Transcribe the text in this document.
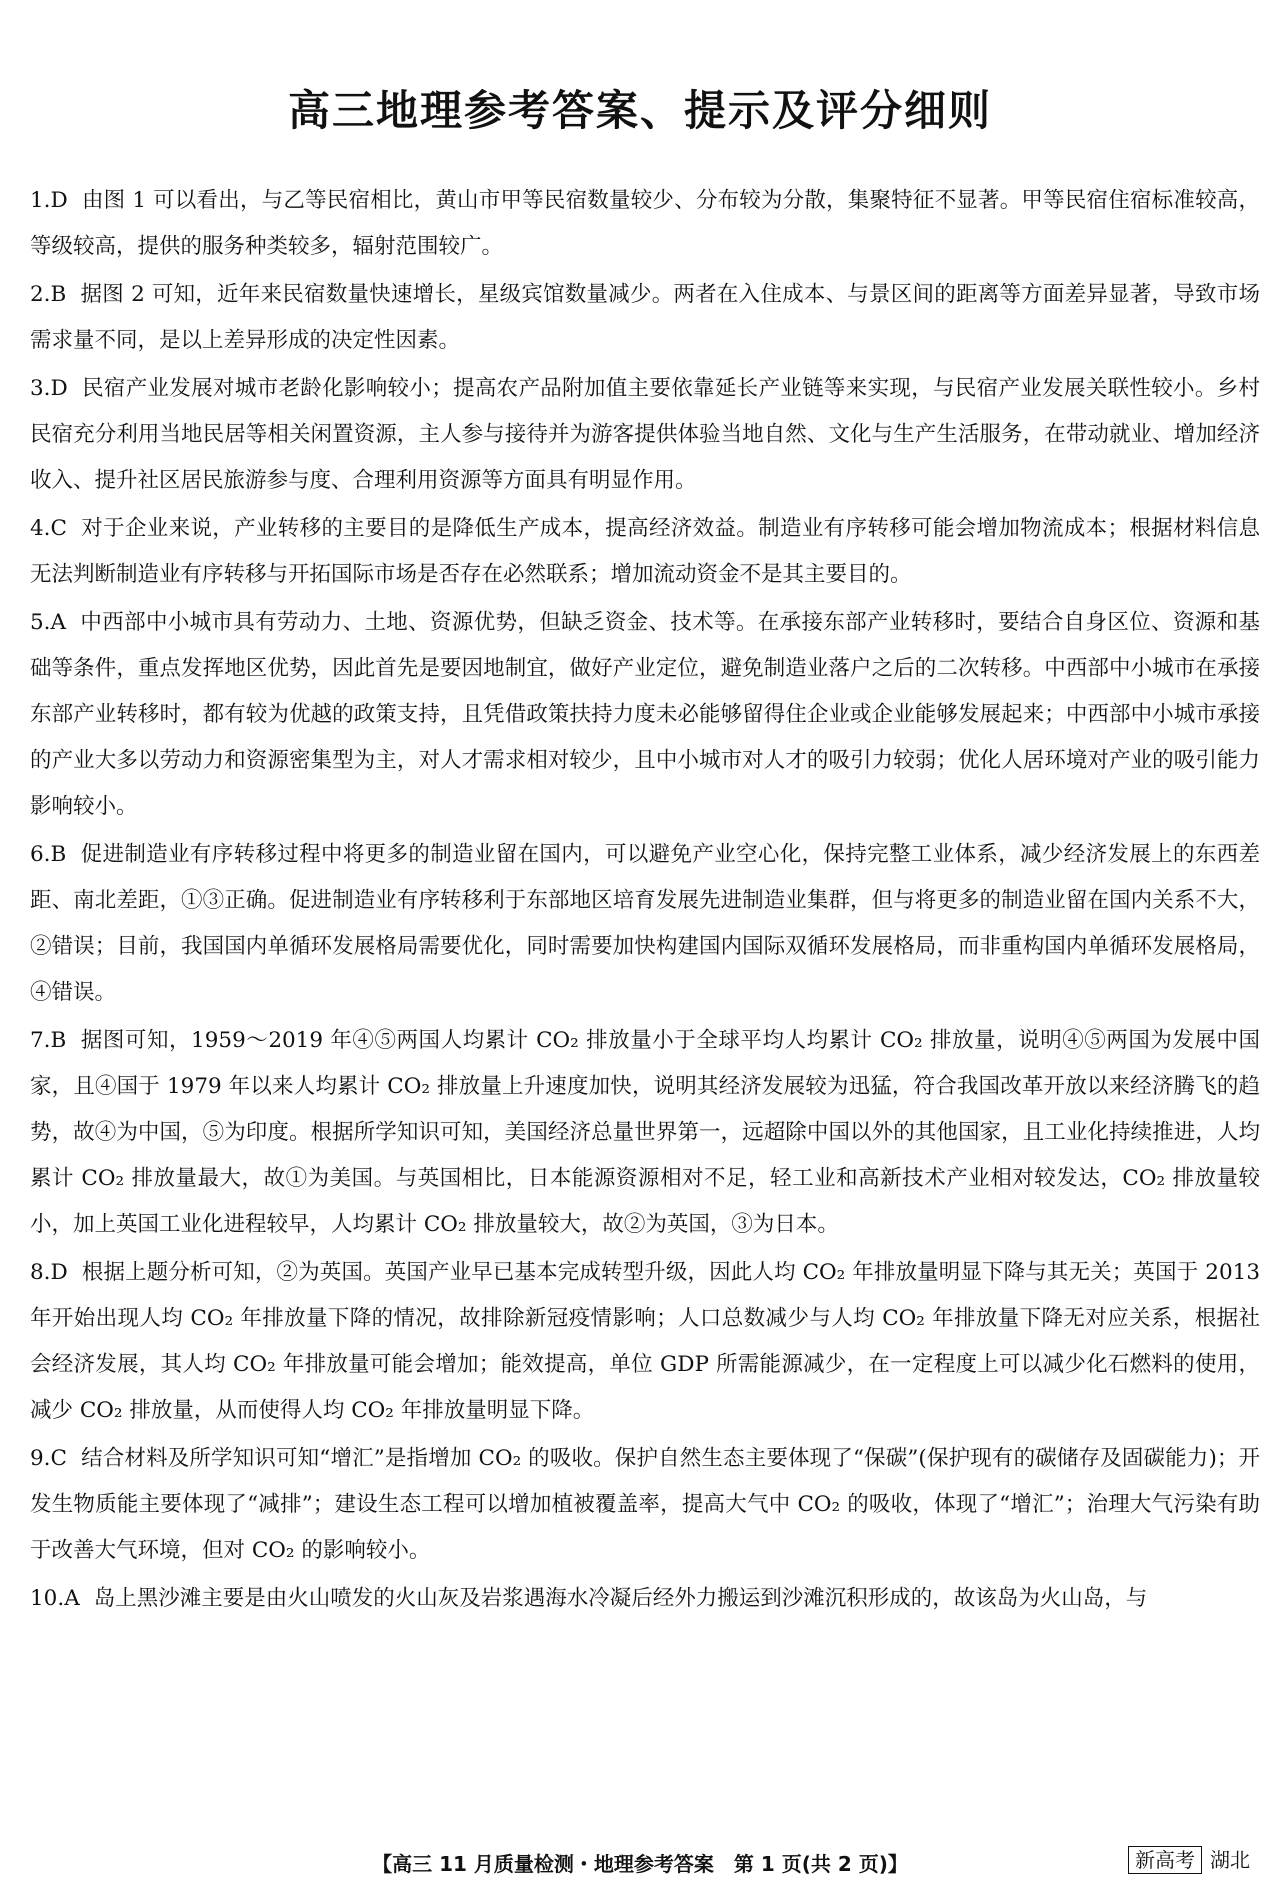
高三地理参考答案、提示及评分细则

1.D 由图 1 可以看出，与乙等民宿相比，黄山市甲等民宿数量较少、分布较为分散，集聚特征不显著。甲等民宿住宿标准较高，等级较高，提供的服务种类较多，辐射范围较广。

2.B 据图 2 可知，近年来民宿数量快速增长，星级宾馆数量减少。两者在入住成本、与景区间的距离等方面差异显著，导致市场需求量不同，是以上差异形成的决定性因素。

3.D 民宿产业发展对城市老龄化影响较小；提高农产品附加值主要依靠延长产业链等来实现，与民宿产业发展关联性较小。乡村民宿充分利用当地民居等相关闲置资源，主人参与接待并为游客提供体验当地自然、文化与生产生活服务，在带动就业、增加经济收入、提升社区居民旅游参与度、合理利用资源等方面具有明显作用。

4.C 对于企业来说，产业转移的主要目的是降低生产成本，提高经济效益。制造业有序转移可能会增加物流成本；根据材料信息无法判断制造业有序转移与开拓国际市场是否存在必然联系；增加流动资金不是其主要目的。

5.A 中西部中小城市具有劳动力、土地、资源优势，但缺乏资金、技术等。在承接东部产业转移时，要结合自身区位、资源和基础等条件，重点发挥地区优势，因此首先是要因地制宜，做好产业定位，避免制造业落户之后的二次转移。中西部中小城市在承接东部产业转移时，都有较为优越的政策支持，且凭借政策扶持力度未必能够留得住企业或企业能够发展起来；中西部中小城市承接的产业大多以劳动力和资源密集型为主，对人才需求相对较少，且中小城市对人才的吸引力较弱；优化人居环境对产业的吸引能力影响较小。

6.B 促进制造业有序转移过程中将更多的制造业留在国内，可以避免产业空心化，保持完整工业体系，减少经济发展上的东西差距、南北差距，①③正确。促进制造业有序转移利于东部地区培育发展先进制造业集群，但与将更多的制造业留在国内关系不大，②错误；目前，我国国内单循环发展格局需要优化，同时需要加快构建国内国际双循环发展格局，而非重构国内单循环发展格局，④错误。

7.B 据图可知，1959～2019 年④⑤两国人均累计 CO₂ 排放量小于全球平均人均累计 CO₂ 排放量，说明④⑤两国为发展中国家，且④国于 1979 年以来人均累计 CO₂ 排放量上升速度加快，说明其经济发展较为迅猛，符合我国改革开放以来经济腾飞的趋势，故④为中国，⑤为印度。根据所学知识可知，美国经济总量世界第一，远超除中国以外的其他国家，且工业化持续推进，人均累计 CO₂ 排放量最大，故①为美国。与英国相比，日本能源资源相对不足，轻工业和高新技术产业相对较发达，CO₂ 排放量较小，加上英国工业化进程较早，人均累计 CO₂ 排放量较大，故②为英国，③为日本。

8.D 根据上题分析可知，②为英国。英国产业早已基本完成转型升级，因此人均 CO₂ 年排放量明显下降与其无关；英国于 2013 年开始出现人均 CO₂ 年排放量下降的情况，故排除新冠疫情影响；人口总数减少与人均 CO₂ 年排放量下降无对应关系，根据社会经济发展，其人均 CO₂ 年排放量可能会增加；能效提高，单位 GDP 所需能源减少，在一定程度上可以减少化石燃料的使用，减少 CO₂ 排放量，从而使得人均 CO₂ 年排放量明显下降。

9.C 结合材料及所学知识可知“增汇”是指增加 CO₂ 的吸收。保护自然生态主要体现了“保碳”(保护现有的碳储存及固碳能力)；开发生物质能主要体现了“减排”；建设生态工程可以增加植被覆盖率，提高大气中 CO₂ 的吸收，体现了“增汇”；治理大气污染有助于改善大气环境，但对 CO₂ 的影响较小。

10.A 岛上黑沙滩主要是由火山喷发的火山灰及岩浆遇海水冷凝后经外力搬运到沙滩沉积形成的，故该岛为火山岛，与

【高三 11 月质量检测・地理参考答案　第 1 页(共 2 页)】	新高考 湖北
